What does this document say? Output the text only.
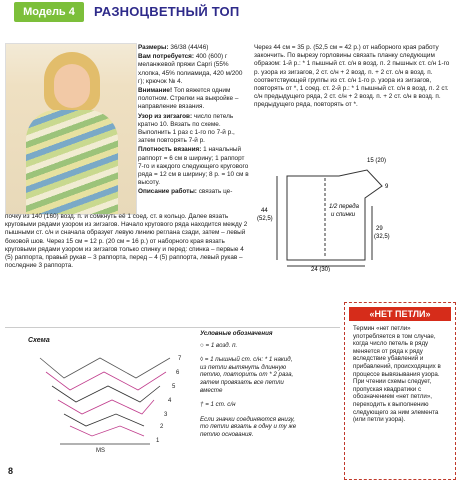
Модель 4	РАЗНОЦВЕТНЫЙ ТОП

Размеры: 36/38 (44/46)

Вам потребуется: 400 (600) г меланжевой пряжи Capri (55% хлопка, 45% полиамида, 420 м/200 г); крючок № 4.

Внимание! Топ вяжется одним полотном. Стрелки на выкройке – направление вязания.

Узор из зигзагов: число петель кратно 10. Вязать по схеме. Выполнить 1 раз с 1-го по 7-й р., затем повторять 7-й р.

Плотность вязания: 1 начальный раппорт = 6 см в ширину; 1 раппорт 7-го и каждого следующего кругового ряда = 12 см в ширину; 8 р. = 10 см в высоту.

Описание работы: связать це-

почку из 140 (160) возд. п. и сомкнуть её 1 соед. ст. в кольцо. Далее вязать круговыми рядами узором из зигзагов. Начало кругового ряда находится между 2 пышными ст. с/н и сначала образует левую линию реглана сзади, затем – левый боковой шов. Через 15 см = 12 р. (20 см = 16 р.) от наборного края вязать круговыми рядами узором из зигзагов только спинку и перед: спинка – первые 4 (5) раппорта, правый рукав – 3 раппорта, перед – 4 (5) раппорта, левый рукав – последние 3 раппорта.

Через 44 см = 35 р. (52,5 см = 42 р.) от наборного края работу закончить. По вырезу горловины связать планку следующим образом: 1-й р.: * 1 пышный ст. с/н в возд. п. 2 пышных ст. с/н 1-го р. узора из зигзагов, 2 ст. с/н + 2 возд. п. + 2 ст. с/н в возд. п. соответствующей группы из ст. с/н 1-го р. узора из зигзагов, повторять от *, 1 соед. ст. 2-й р.: * 1 пышный ст. с/н в возд. п. 2 ст. с/н предыдущего ряда, 2 ст. с/н + 2 возд. п. + 2 ст. с/н в возд. п. предыдущего ряда, повторять от *.

15 (20)
9
44
(52,5)
29
(32,5)
24 (30)
1/2 переда
и спинки
Схема
7
6
5
4
3
2
1
MS
Условные обозначения
○ = 1 возд. п.
◊ = 1 пышный ст. с/н: * 1 накид, из петли вытянуть длинную петлю, повторить от * 2 раза, затем провязать все петли вместе
† = 1 ст. с/н
Если значки соединяются внизу, то петли вязать в одну и ту же петлю основания.
«НЕТ ПЕТЛИ»
Термин «нет петли» употребляется в том случае, когда число петель в ряду меняется от ряда к ряду вследствие убавлений и прибавлений, происходящих в процессе вывязывания узора. При чтении схемы следует, пропуская квадратики с обозначением «нет петли», переходить к выполнению следующего за ним элемента (или петли узора).
8
